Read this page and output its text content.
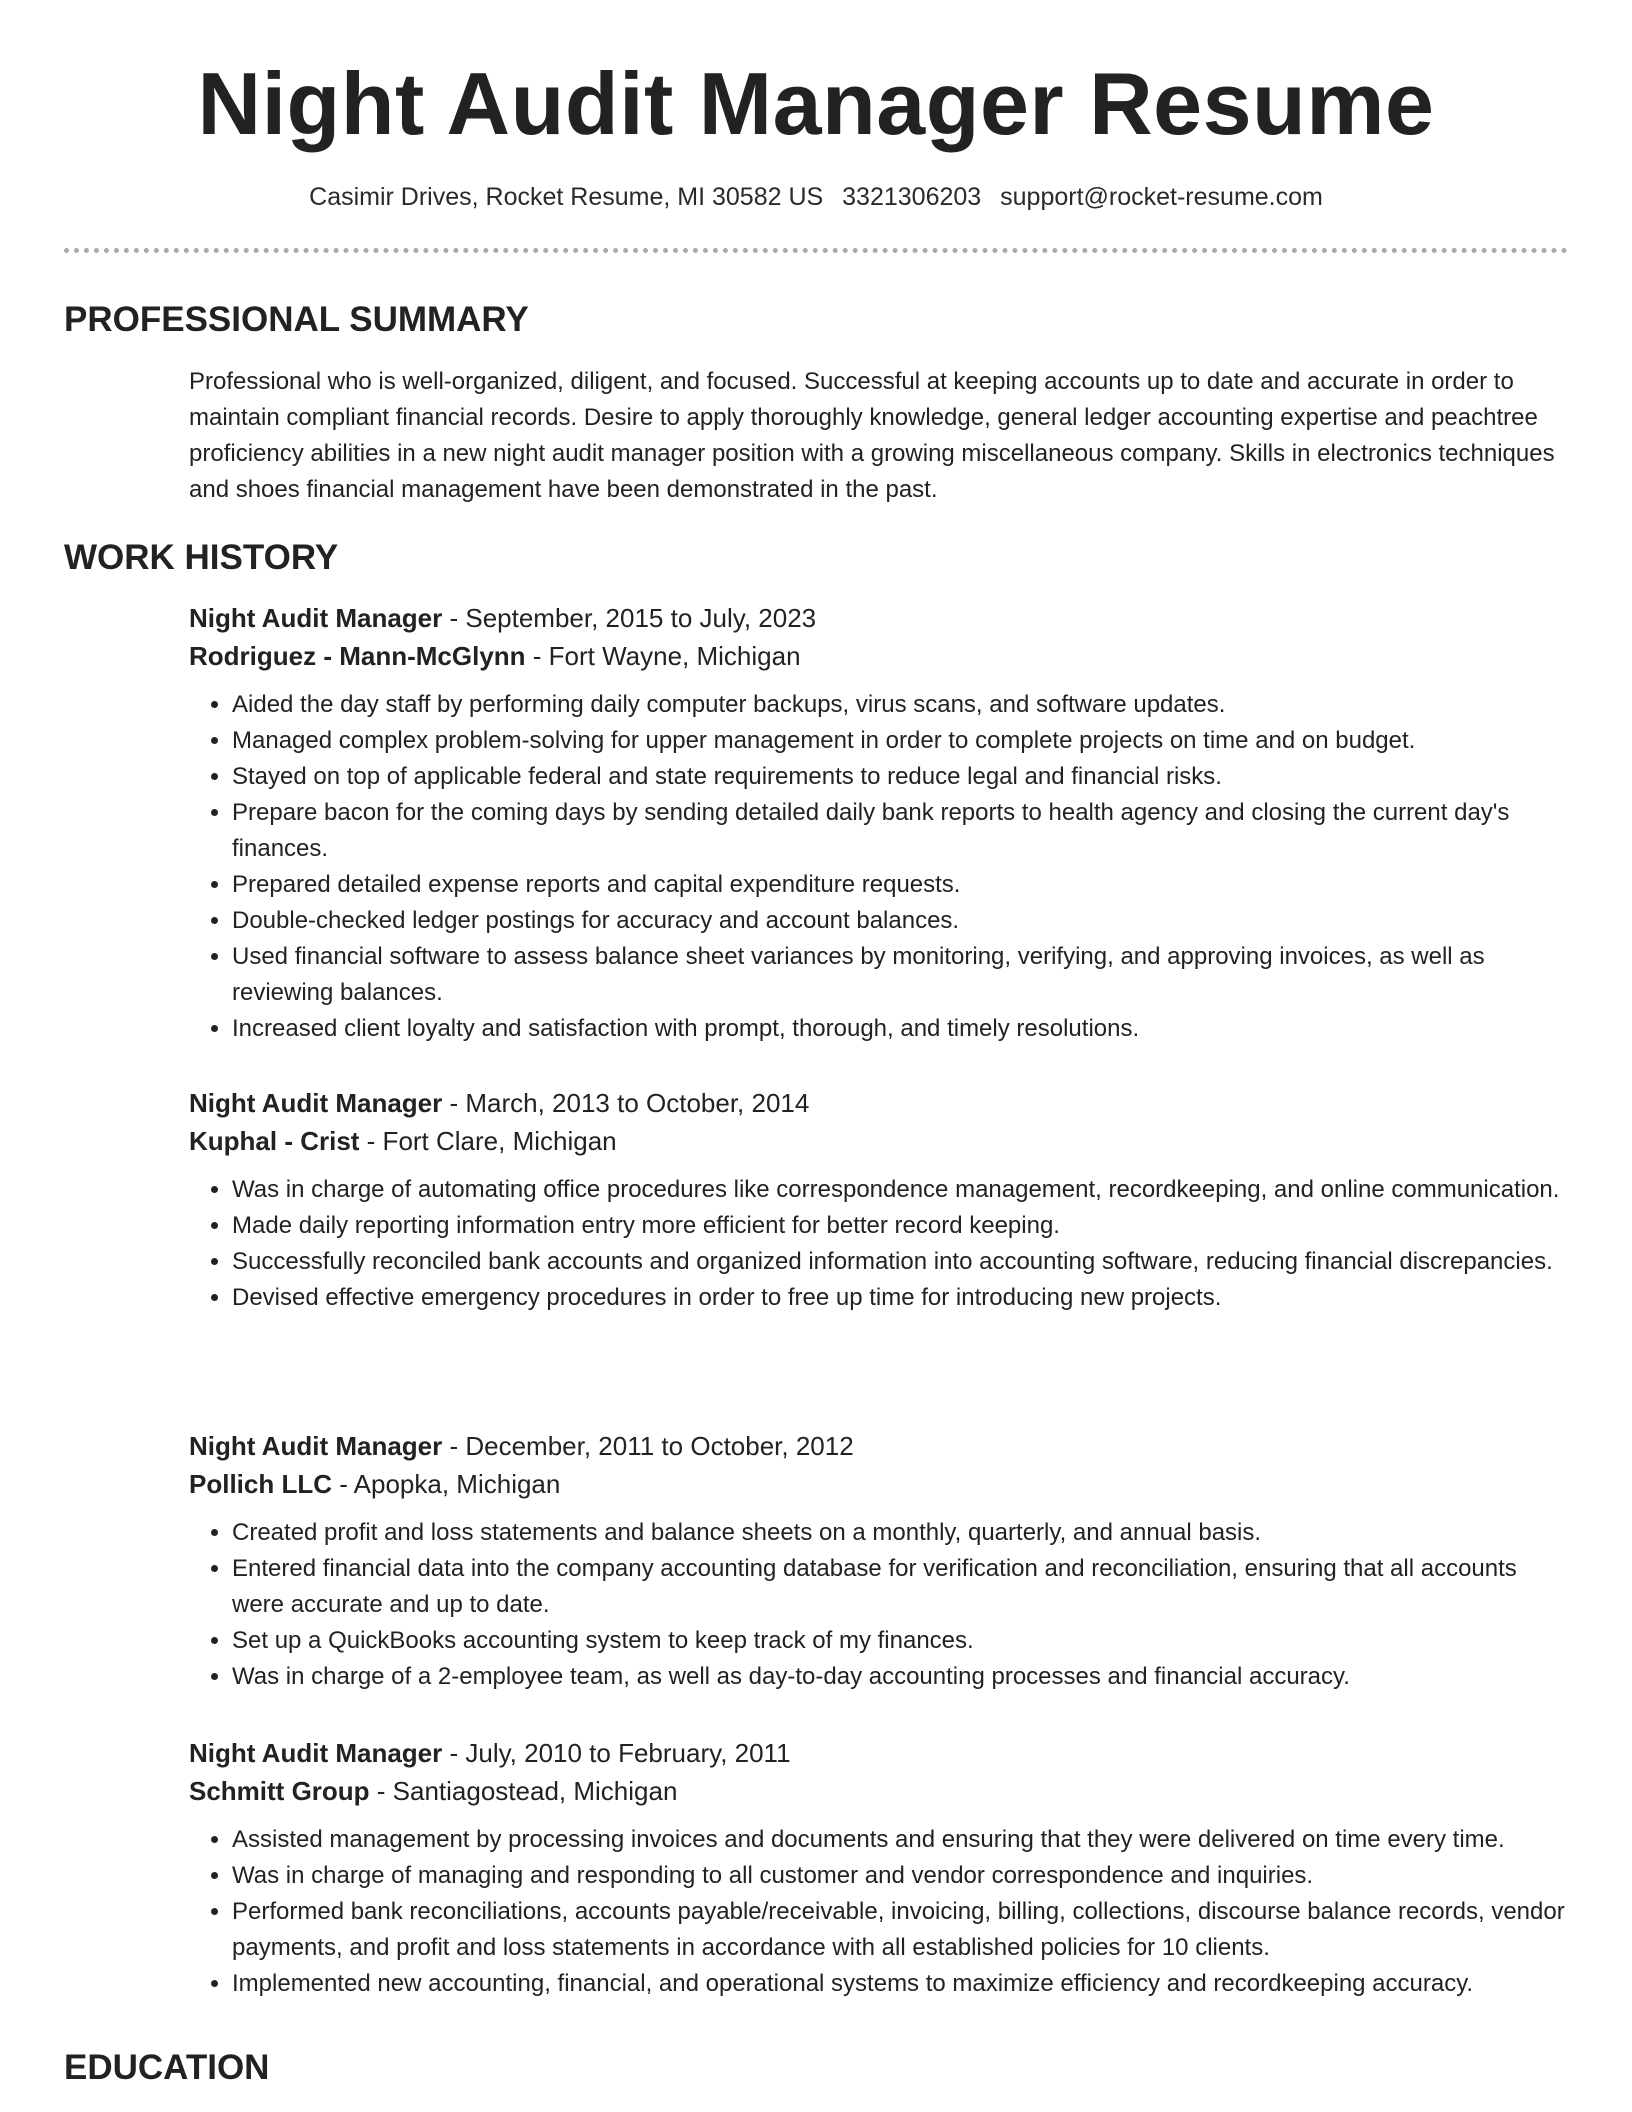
Night Audit Manager Resume
Casimir Drives, Rocket Resume, MI 30582 US 3321306203 support@rocket-resume.com
PROFESSIONAL SUMMARY

Professional who is well-organized, diligent, and focused. Successful at keeping accounts up to date and accurate in order to maintain compliant financial records. Desire to apply thoroughly knowledge, general ledger accounting expertise and peachtree proficiency abilities in a new night audit manager position with a growing miscellaneous company. Skills in electronics techniques and shoes financial management have been demonstrated in the past.

WORK HISTORY

Night Audit Manager - September, 2015 to July, 2023

Rodriguez - Mann-McGlynn - Fort Wayne, Michigan

• Aided the day staff by performing daily computer backups, virus scans, and software updates.
• Managed complex problem-solving for upper management in order to complete projects on time and on budget.
• Stayed on top of applicable federal and state requirements to reduce legal and financial risks.
• Prepare bacon for the coming days by sending detailed daily bank reports to health agency and closing the current day's finances.
• Prepared detailed expense reports and capital expenditure requests.
• Double-checked ledger postings for accuracy and account balances.
• Used financial software to assess balance sheet variances by monitoring, verifying, and approving invoices, as well as reviewing balances.
• Increased client loyalty and satisfaction with prompt, thorough, and timely resolutions.

Night Audit Manager - March, 2013 to October, 2014

Kuphal - Crist - Fort Clare, Michigan

• Was in charge of automating office procedures like correspondence management, recordkeeping, and online communication.
• Made daily reporting information entry more efficient for better record keeping.
• Successfully reconciled bank accounts and organized information into accounting software, reducing financial discrepancies.
• Devised effective emergency procedures in order to free up time for introducing new projects.

Night Audit Manager - December, 2011 to October, 2012

Pollich LLC - Apopka, Michigan

• Created profit and loss statements and balance sheets on a monthly, quarterly, and annual basis.
• Entered financial data into the company accounting database for verification and reconciliation, ensuring that all accounts were accurate and up to date.
• Set up a QuickBooks accounting system to keep track of my finances.
• Was in charge of a 2-employee team, as well as day-to-day accounting processes and financial accuracy.

Night Audit Manager - July, 2010 to February, 2011

Schmitt Group - Santiagostead, Michigan

• Assisted management by processing invoices and documents and ensuring that they were delivered on time every time.
• Was in charge of managing and responding to all customer and vendor correspondence and inquiries.
• Performed bank reconciliations, accounts payable/receivable, invoicing, billing, collections, discourse balance records, vendor payments, and profit and loss statements in accordance with all established policies for 10 clients.
• Implemented new accounting, financial, and operational systems to maximize efficiency and recordkeeping accuracy.
EDUCATION
